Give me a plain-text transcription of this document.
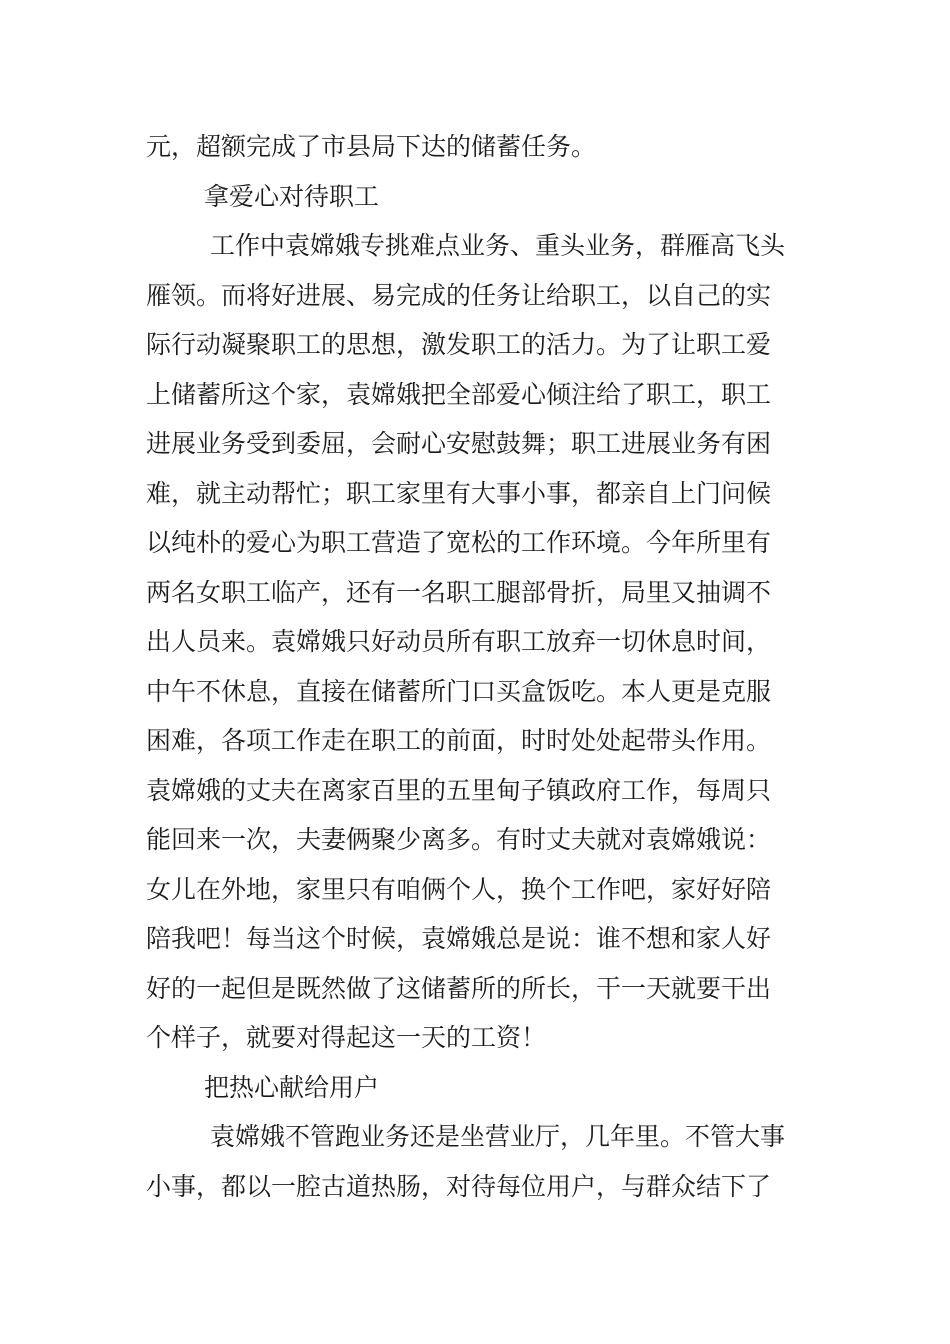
元，超额完成了市县局下达的储蓄任务。
拿爱心对待职工
工作中袁嫦娥专挑难点业务、重头业务，群雁高飞头
雁领。而将好进展、易完成的任务让给职工，以自己的实
际行动凝聚职工的思想，激发职工的活力。为了让职工爱
上储蓄所这个家，袁嫦娥把全部爱心倾注给了职工，职工
进展业务受到委屈，会耐心安慰鼓舞；职工进展业务有困
难，就主动帮忙；职工家里有大事小事，都亲自上门问候
以纯朴的爱心为职工营造了宽松的工作环境。今年所里有
两名女职工临产，还有一名职工腿部骨折，局里又抽调不
出人员来。袁嫦娥只好动员所有职工放弃一切休息时间，
中午不休息，直接在储蓄所门口买盒饭吃。本人更是克服
困难，各项工作走在职工的前面，时时处处起带头作用。
袁嫦娥的丈夫在离家百里的五里甸子镇政府工作，每周只
能回来一次，夫妻俩聚少离多。有时丈夫就对袁嫦娥说：
女儿在外地，家里只有咱俩个人，换个工作吧，家好好陪
陪我吧！每当这个时候，袁嫦娥总是说：谁不想和家人好
好的一起但是既然做了这储蓄所的所长，干一天就要干出
个样子，就要对得起这一天的工资！
把热心献给用户
袁嫦娥不管跑业务还是坐营业厅，几年里。不管大事
小事，都以一腔古道热肠，对待每位用户，与群众结下了
